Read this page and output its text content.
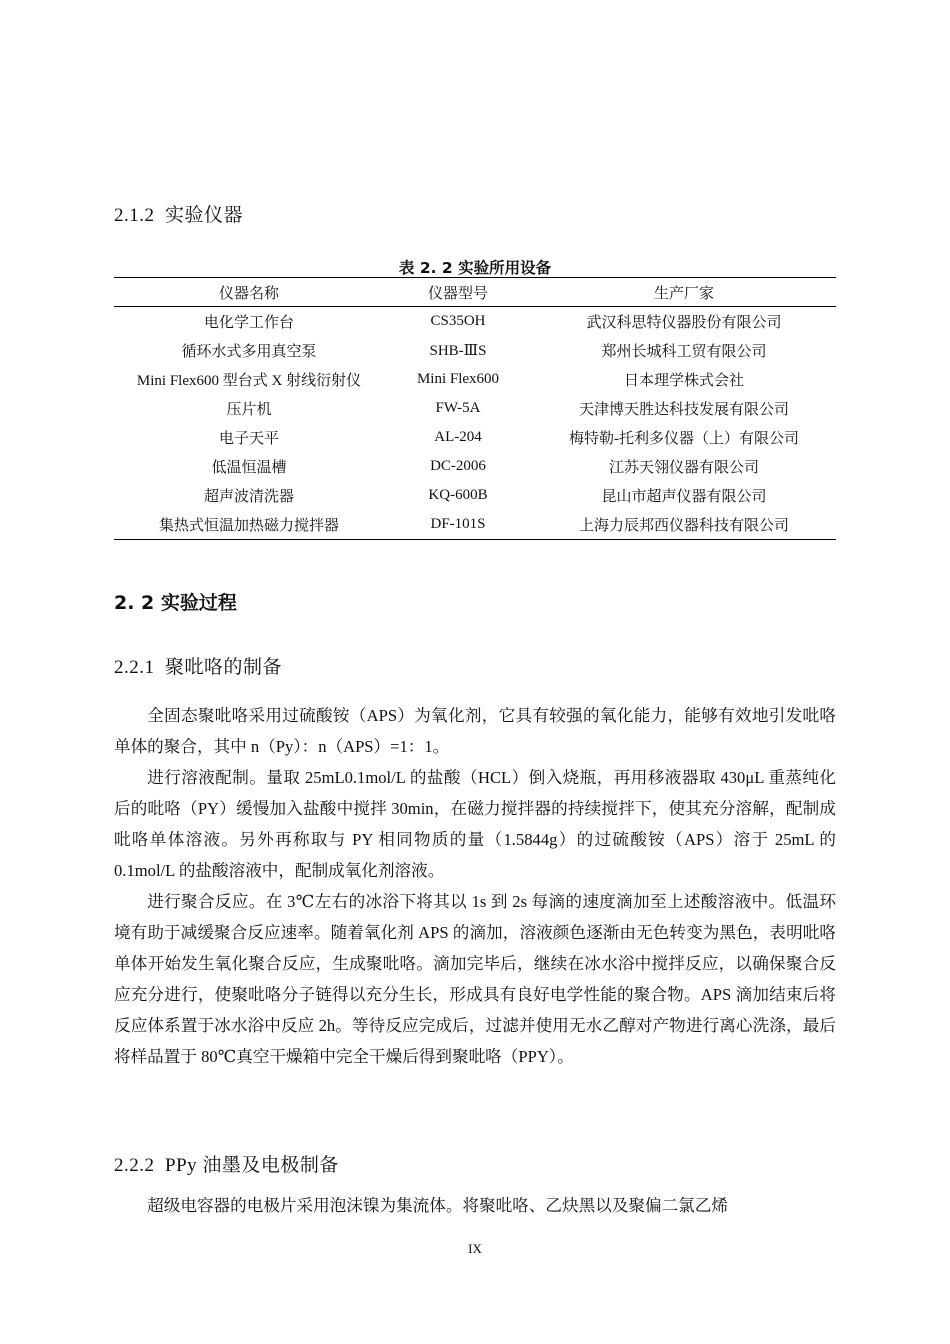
2.1.2 实验仪器
表 2. 2 实验所用设备
仪器名称	仪器型号	生产厂家
电化学工作台	CS35OH	武汉科思特仪器股份有限公司
循环水式多用真空泵	SHB-ⅢS	郑州长城科工贸有限公司
Mini Flex600 型台式 X 射线衍射仪	Mini Flex600	日本理学株式会社
压片机	FW-5A	天津博天胜达科技发展有限公司
电子天平	AL-204	梅特勒-托利多仪器（上）有限公司
低温恒温槽	DC-2006	江苏天翎仪器有限公司
超声波清洗器	KQ-600B	昆山市超声仪器有限公司
集热式恒温加热磁力搅拌器	DF-101S	上海力辰邦西仪器科技有限公司
2. 2 实验过程
2.2.1 聚吡咯的制备

全固态聚吡咯采用过硫酸铵（APS）为氧化剂，它具有较强的氧化能力，能够有效地引发吡咯单体的聚合，其中 n（Py）：n（APS）=1：1。

进行溶液配制。量取 25mL0.1mol/L 的盐酸（HCL）倒入烧瓶，再用移液器取 430μL 重蒸纯化后的吡咯（PY）缓慢加入盐酸中搅拌 30min，在磁力搅拌器的持续搅拌下，使其充分溶解，配制成吡咯单体溶液。另外再称取与 PY 相同物质的量（1.5844g）的过硫酸铵（APS）溶于 25mL 的 0.1mol/L 的盐酸溶液中，配制成氧化剂溶液。

进行聚合反应。在 3℃左右的冰浴下将其以 1s 到 2s 每滴的速度滴加至上述酸溶液中。低温环境有助于减缓聚合反应速率。随着氧化剂 APS 的滴加，溶液颜色逐渐由无色转变为黑色，表明吡咯单体开始发生氧化聚合反应，生成聚吡咯。滴加完毕后，继续在冰水浴中搅拌反应，以确保聚合反应充分进行，使聚吡咯分子链得以充分生长，形成具有良好电学性能的聚合物。APS 滴加结束后将反应体系置于冰水浴中反应 2h。等待反应完成后，过滤并使用无水乙醇对产物进行离心洗涤，最后将样品置于 80℃真空干燥箱中完全干燥后得到聚吡咯（PPY）。

2.2.2 PPy 油墨及电极制备

超级电容器的电极片采用泡沫镍为集流体。将聚吡咯、乙炔黑以及聚偏二氯乙烯

IX
